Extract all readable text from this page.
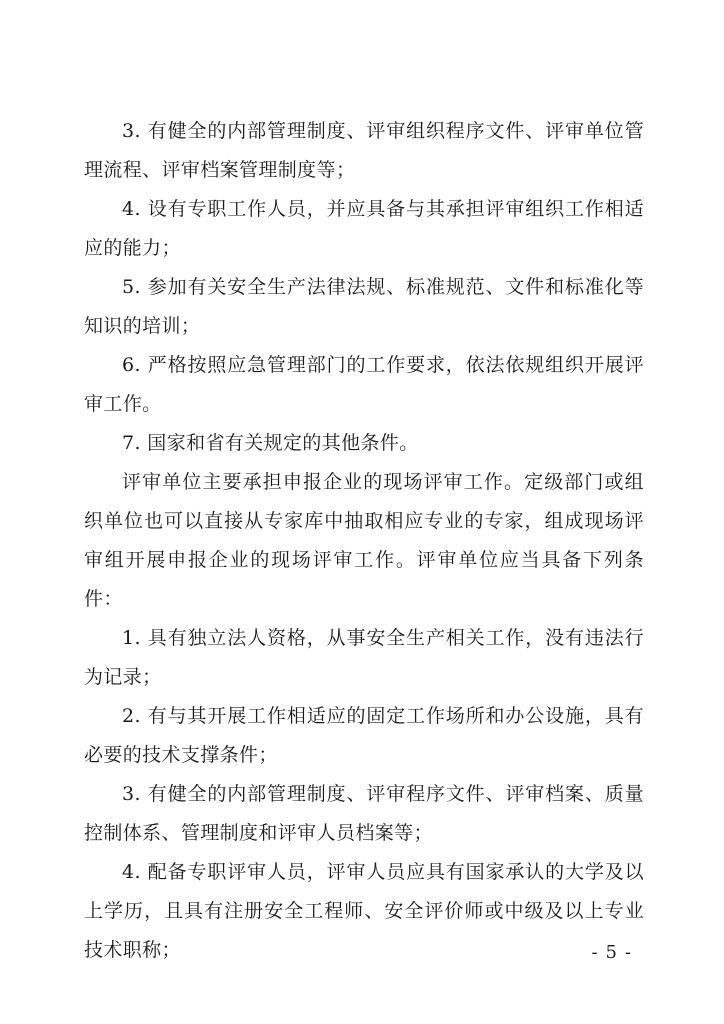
3. 有健全的内部管理制度、评审组织程序文件、评审单位管理流程、评审档案管理制度等；

4. 设有专职工作人员，并应具备与其承担评审组织工作相适应的能力；

5. 参加有关安全生产法律法规、标准规范、文件和标准化等知识的培训；

6. 严格按照应急管理部门的工作要求，依法依规组织开展评审工作。

7. 国家和省有关规定的其他条件。

评审单位主要承担申报企业的现场评审工作。定级部门或组织单位也可以直接从专家库中抽取相应专业的专家，组成现场评审组开展申报企业的现场评审工作。评审单位应当具备下列条件：

1. 具有独立法人资格，从事安全生产相关工作，没有违法行为记录；

2. 有与其开展工作相适应的固定工作场所和办公设施，具有必要的技术支撑条件；

3. 有健全的内部管理制度、评审程序文件、评审档案、质量控制体系、管理制度和评审人员档案等；

4. 配备专职评审人员，评审人员应具有国家承认的大学及以上学历，且具有注册安全工程师、安全评价师或中级及以上专业技术职称；	- 5 -
